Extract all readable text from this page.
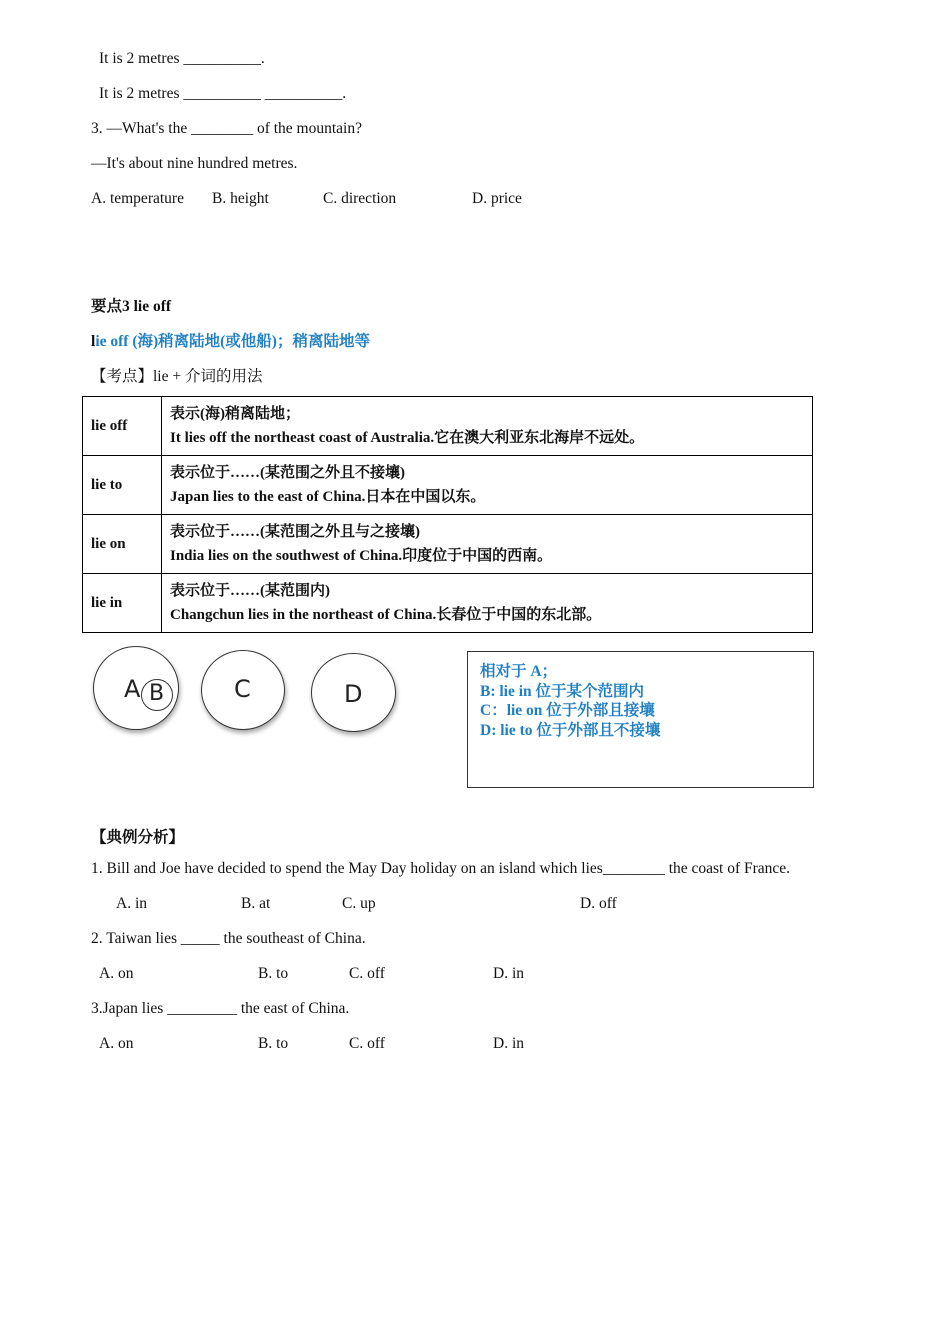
It is 2 metres __________.
It is 2 metres __________ __________.
3. —What's the ________ of the mountain?
—It's about nine hundred metres.
A. temperature B. height	C. direction	D. price
要点3 lie off
lie off (海)稍离陆地(或他船)；稍离陆地等
【考点】lie + 介词的用法
lie off	表示(海)稍离陆地；
It lies off the northeast coast of Australia.它在澳大利亚东北海岸不远处。

lie to	表示位于……(某范围之外且不接壤)
Japan lies to the east of China.日本在中国以东。

lie on	表示位于……(某范围之外且与之接壤)
India lies on the southwest of China.印度位于中国的西南。

lie in	表示位于……(某范围内)
Changchun lies in the northeast of China.长春位于中国的东北部。
A B	C	D
相对于 A；
B: lie in 位于某个范围内
C：lie on 位于外部且接壤
D: lie to 位于外部且不接壤
【典例分析】
1. Bill and Joe have decided to spend the May Day holiday on an island which lies________ the coast of France.
A. in	B. at	C. up	D. off
2. Taiwan lies _____ the southeast of China.
A. on	B. to	C. off	D. in
3.Japan lies _________ the east of China.
A. on	B. to	C. off	D. in
